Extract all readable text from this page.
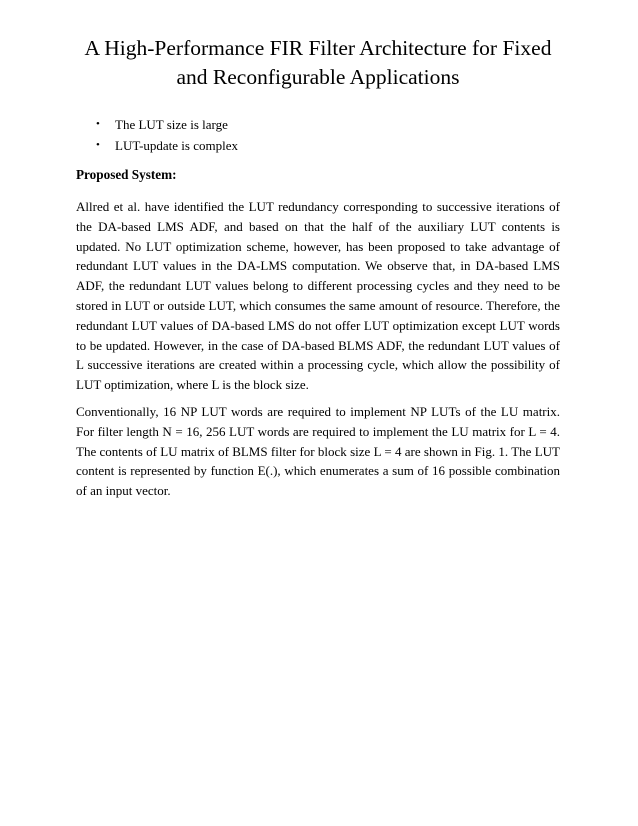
A High-Performance FIR Filter Architecture for Fixed and Reconfigurable Applications
• The LUT size is large
• LUT-update is complex

Proposed System:

Allred et al. have identified the LUT redundancy corresponding to successive iterations of the DA-based LMS ADF, and based on that the half of the auxiliary LUT contents is updated. No LUT optimization scheme, however, has been proposed to take advantage of redundant LUT values in the DA-LMS computation. We observe that, in DA-based LMS ADF, the redundant LUT values belong to different processing cycles and they need to be stored in LUT or outside LUT, which consumes the same amount of resource. Therefore, the redundant LUT values of DA-based LMS do not offer LUT optimization except LUT words to be updated. However, in the case of DA-based BLMS ADF, the redundant LUT values of L successive iterations are created within a processing cycle, which allow the possibility of LUT optimization, where L is the block size.

Conventionally, 16 NP LUT words are required to implement NP LUTs of the LU matrix. For filter length N = 16, 256 LUT words are required to implement the LU matrix for L = 4. The contents of LU matrix of BLMS filter for block size L = 4 are shown in Fig. 1. The LUT content is represented by function E(.), which enumerates a sum of 16 possible combination of an input vector.
